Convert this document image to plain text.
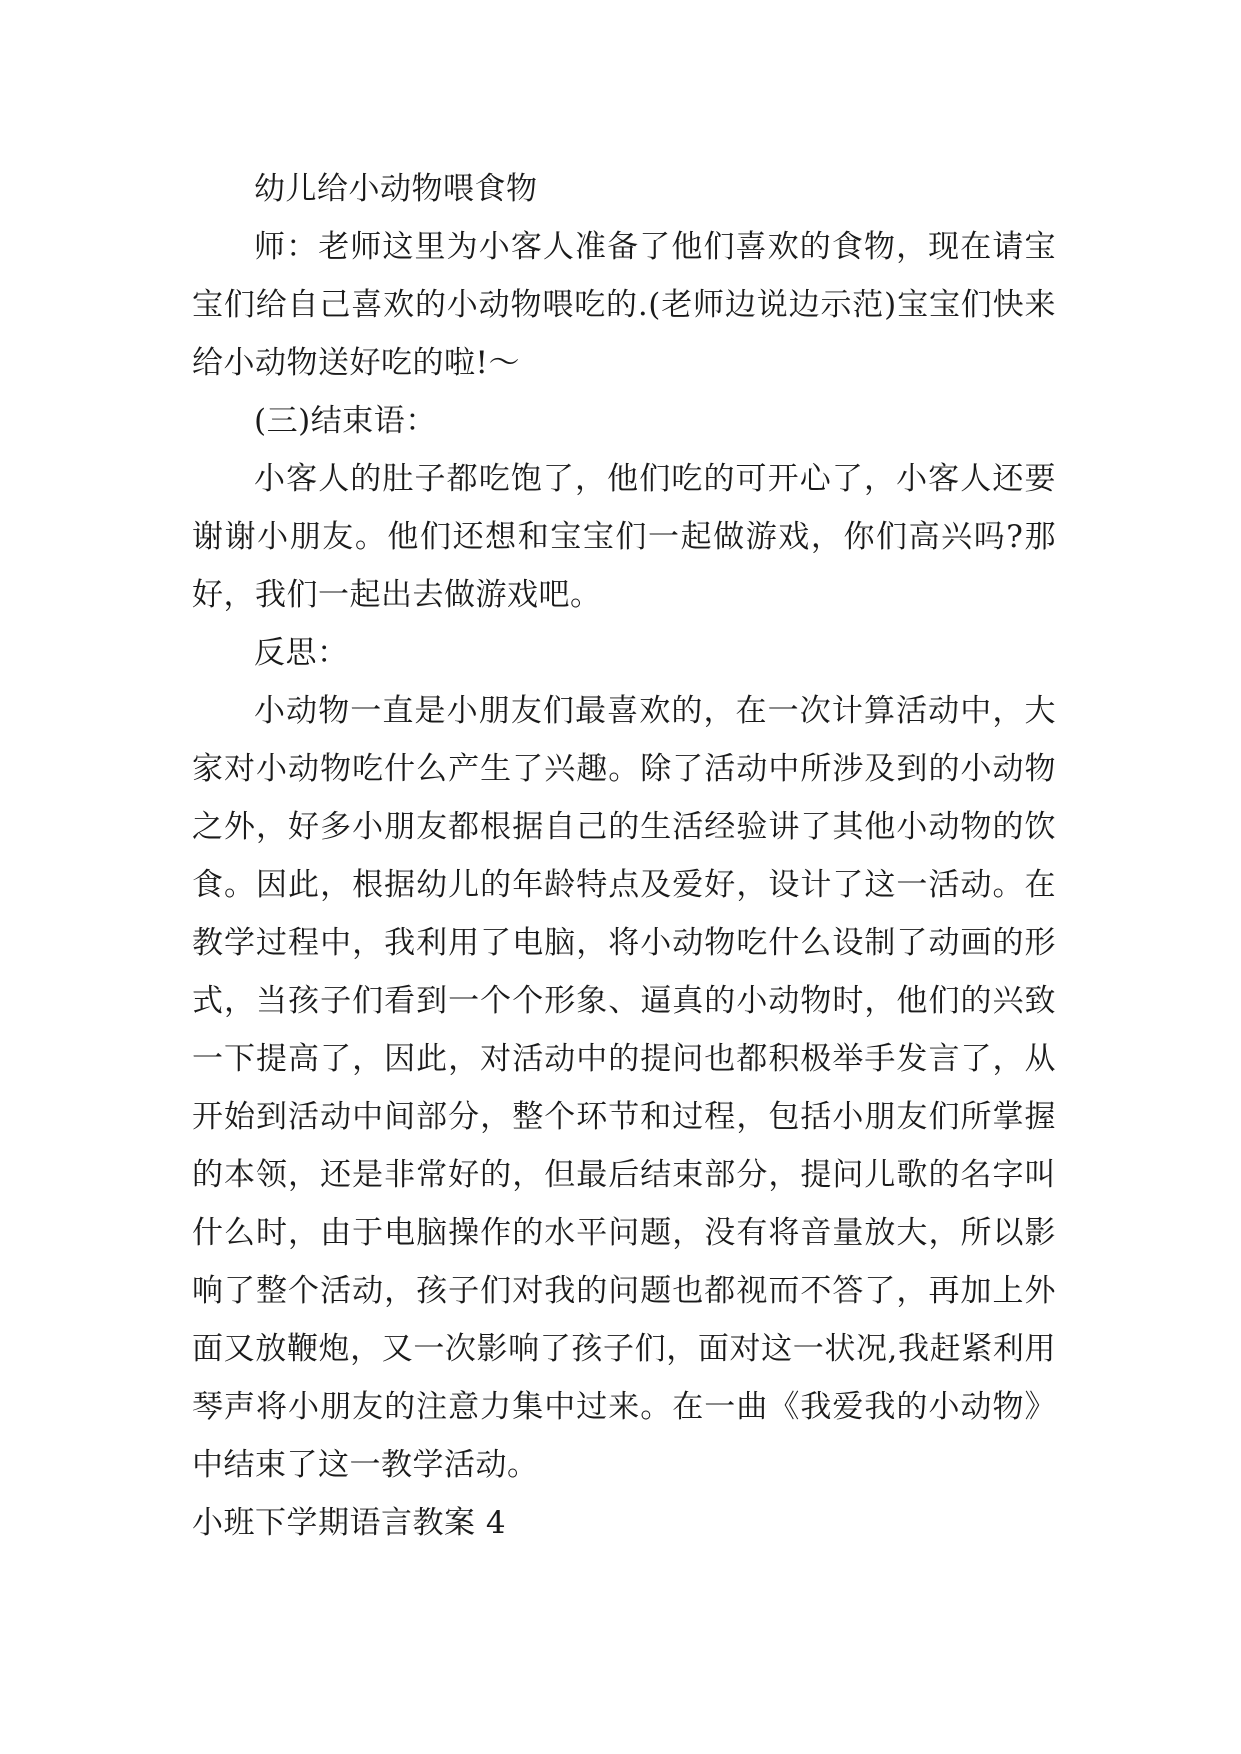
幼儿给小动物喂食物

师：老师这里为小客人准备了他们喜欢的食物，现在请宝宝们给自己喜欢的小动物喂吃的.(老师边说边示范)宝宝们快来给小动物送好吃的啦!～

(三)结束语：

小客人的肚子都吃饱了，他们吃的可开心了，小客人还要谢谢小朋友。他们还想和宝宝们一起做游戏，你们高兴吗?那好，我们一起出去做游戏吧。

反思：

小动物一直是小朋友们最喜欢的，在一次计算活动中，大家对小动物吃什么产生了兴趣。除了活动中所涉及到的小动物之外，好多小朋友都根据自己的生活经验讲了其他小动物的饮食。因此，根据幼儿的年龄特点及爱好，设计了这一活动。在教学过程中，我利用了电脑，将小动物吃什么设制了动画的形式，当孩子们看到一个个形象、逼真的小动物时，他们的兴致一下提高了，因此，对活动中的提问也都积极举手发言了，从开始到活动中间部分，整个环节和过程，包括小朋友们所掌握的本领，还是非常好的，但最后结束部分，提问儿歌的名字叫什么时，由于电脑操作的水平问题，没有将音量放大，所以影响了整个活动，孩子们对我的问题也都视而不答了，再加上外面又放鞭炮，又一次影响了孩子们，面对这一状况,我赶紧利用琴声将小朋友的注意力集中过来。在一曲《我爱我的小动物》中结束了这一教学活动。

小班下学期语言教案 4
